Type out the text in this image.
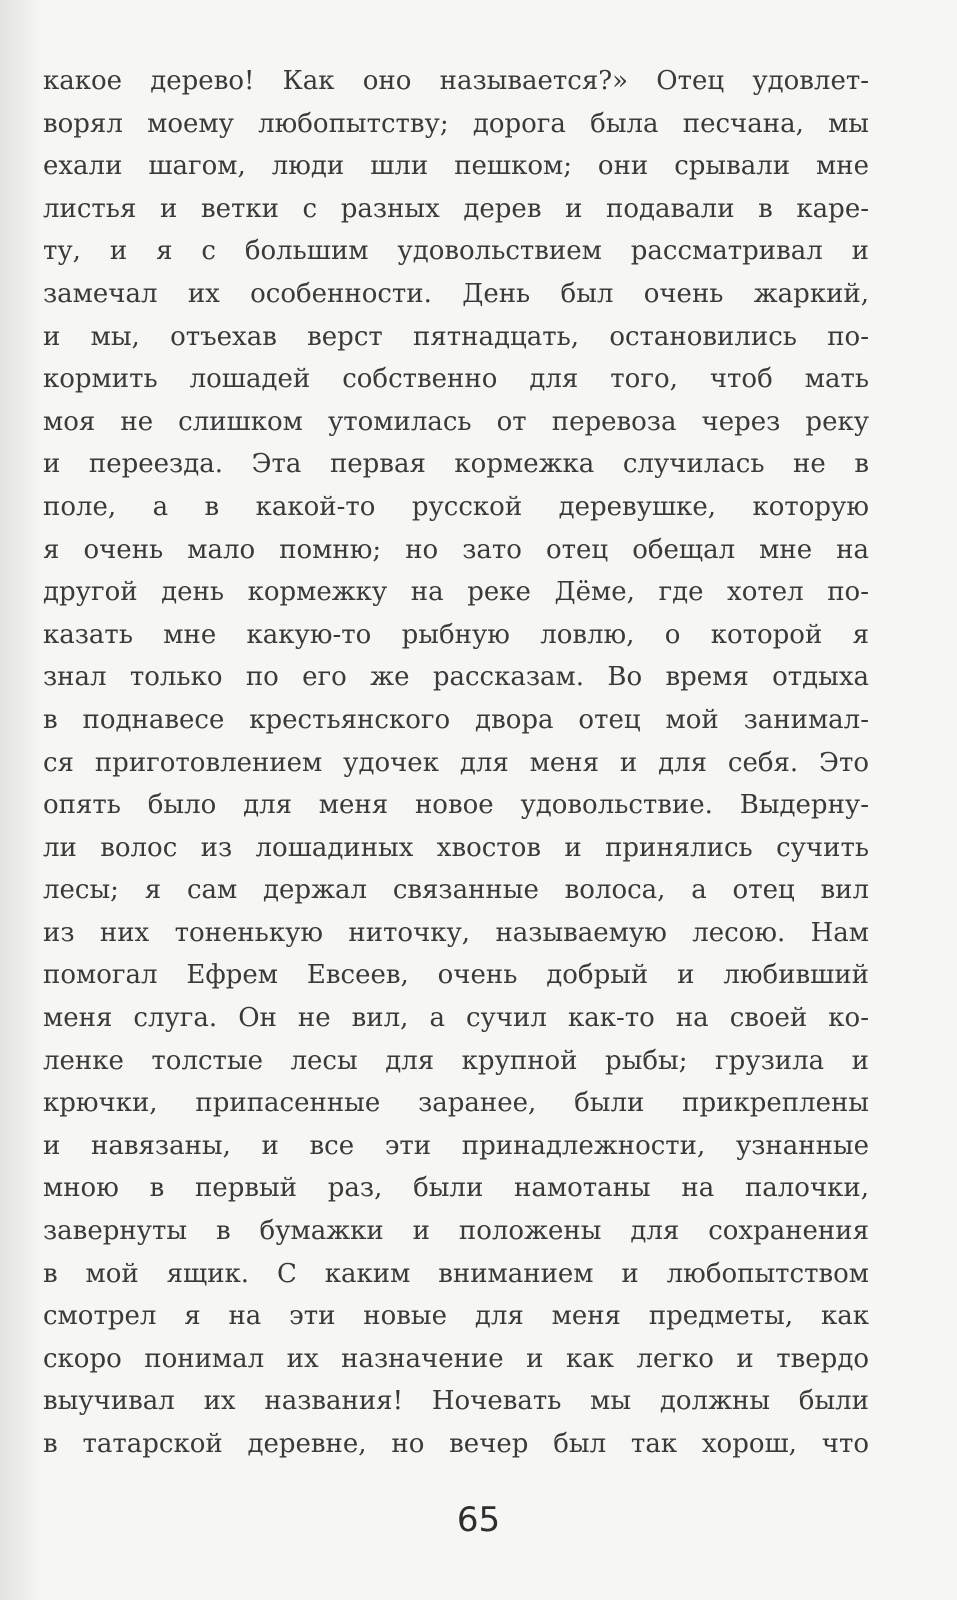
какое дерево! Как оно называется?» Отец удовлет-
ворял моему любопытству; дорога была песчана, мы
ехали шагом, люди шли пешком; они срывали мне
листья и ветки с разных дерев и подавали в каре-
ту, и я с большим удовольствием рассматривал и
замечал их особенности. День был очень жаркий,
и мы, отъехав верст пятнадцать, остановились по-
кормить лошадей собственно для того, чтоб мать
моя не слишком утомилась от перевоза через реку
и переезда. Эта первая кормежка случилась не в
поле, а в какой-то русской деревушке, которую
я очень мало помню; но зато отец обещал мне на
другой день кормежку на реке Дёме, где хотел по-
казать мне какую-то рыбную ловлю, о которой я
знал только по его же рассказам. Во время отдыха
в поднавесе крестьянского двора отец мой занимал-
ся приготовлением удочек для меня и для себя. Это
опять было для меня новое удовольствие. Выдерну-
ли волос из лошадиных хвостов и принялись сучить
лесы; я сам держал связанные волоса, а отец вил
из них тоненькую ниточку, называемую лесою. Нам
помогал Ефрем Евсеев, очень добрый и любивший
меня слуга. Он не вил, а сучил как-то на своей ко-
ленке толстые лесы для крупной рыбы; грузила и
крючки, припасенные заранее, были прикреплены
и навязаны, и все эти принадлежности, узнанные
мною в первый раз, были намотаны на палочки,
завернуты в бумажки и положены для сохранения
в мой ящик. С каким вниманием и любопытством
смотрел я на эти новые для меня предметы, как
скоро понимал их назначение и как легко и твердо
выучивал их названия! Ночевать мы должны были
в татарской деревне, но вечер был так хорош, что
65
